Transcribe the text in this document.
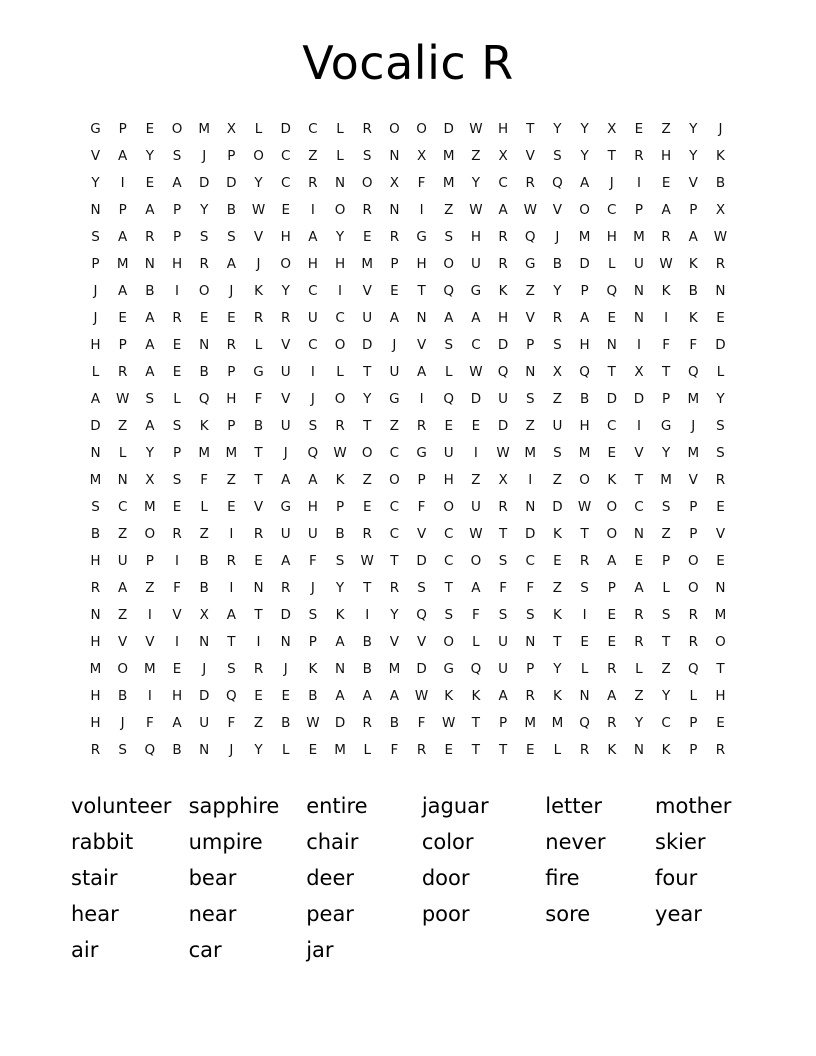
Vocalic R
G	P	E	O	M	X	L	D	C	L	R	O	O	D	W	H	T	Y	Y	X	E	Z	Y	J
V	A	Y	S	J	P	O	C	Z	L	S	N	X	M	Z	X	V	S	Y	T	R	H	Y	K
Y	I	E	A	D	D	Y	C	R	N	O	X	F	M	Y	C	R	Q	A	J	I	E	V	B
N	P	A	P	Y	B	W	E	I	O	R	N	I	Z	W	A	W	V	O	C	P	A	P	X
S	A	R	P	S	S	V	H	A	Y	E	R	G	S	H	R	Q	J	M	H	M	R	A	W
P	M	N	H	R	A	J	O	H	H	M	P	H	O	U	R	G	B	D	L	U	W	K	R
J	A	B	I	O	J	K	Y	C	I	V	E	T	Q	G	K	Z	Y	P	Q	N	K	B	N
J	E	A	R	E	E	R	R	U	C	U	A	N	A	A	H	V	R	A	E	N	I	K	E
H	P	A	E	N	R	L	V	C	O	D	J	V	S	C	D	P	S	H	N	I	F	F	D
L	R	A	E	B	P	G	U	I	L	T	U	A	L	W	Q	N	X	Q	T	X	T	Q	L
A	W	S	L	Q	H	F	V	J	O	Y	G	I	Q	D	U	S	Z	B	D	D	P	M	Y
D	Z	A	S	K	P	B	U	S	R	T	Z	R	E	E	D	Z	U	H	C	I	G	J	S
N	L	Y	P	M	M	T	J	Q	W	O	C	G	U	I	W	M	S	M	E	V	Y	M	S
M	N	X	S	F	Z	T	A	A	K	Z	O	P	H	Z	X	I	Z	O	K	T	M	V	R
S	C	M	E	L	E	V	G	H	P	E	C	F	O	U	R	N	D	W	O	C	S	P	E
B	Z	O	R	Z	I	R	U	U	B	R	C	V	C	W	T	D	K	T	O	N	Z	P	V
H	U	P	I	B	R	E	A	F	S	W	T	D	C	O	S	C	E	R	A	E	P	O	E
R	A	Z	F	B	I	N	R	J	Y	T	R	S	T	A	F	F	Z	S	P	A	L	O	N
N	Z	I	V	X	A	T	D	S	K	I	Y	Q	S	F	S	S	K	I	E	R	S	R	M
H	V	V	I	N	T	I	N	P	A	B	V	V	O	L	U	N	T	E	E	R	T	R	O
M	O	M	E	J	S	R	J	K	N	B	M	D	G	Q	U	P	Y	L	R	L	Z	Q	T
H	B	I	H	D	Q	E	E	B	A	A	A	W	K	K	A	R	K	N	A	Z	Y	L	H
H	J	F	A	U	F	Z	B	W	D	R	B	F	W	T	P	M	M	Q	R	Y	C	P	E
R	S	Q	B	N	J	Y	L	E	M	L	F	R	E	T	T	E	L	R	K	N	K	P	R
volunteer
rabbit
stair
hear
air
sapphire
umpire
bear
near
car
entire
chair
deer
pear
jar
jaguar
color
door
poor
letter
never
fire
sore
mother
skier
four
year
